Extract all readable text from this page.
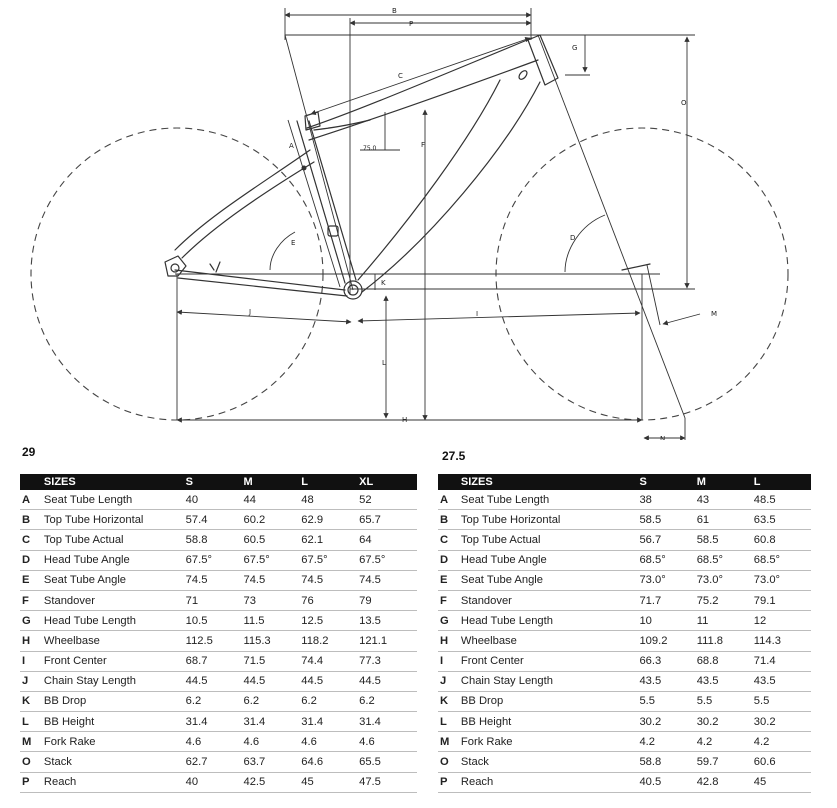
B
P
G
C
O
A	75.0	F
D
E
K
J	I	M
L
H
N
29	27.5
	SIZES	S	M	L	XL
A	Seat Tube Length	40	44	48	52
B	Top Tube Horizontal	57.4	60.2	62.9	65.7
C	Top Tube Actual	58.8	60.5	62.1	64
D	Head Tube Angle	67.5°	67.5°	67.5°	67.5°
E	Seat Tube Angle	74.5	74.5	74.5	74.5
F	Standover	71	73	76	79
G	Head Tube Length	10.5	11.5	12.5	13.5
H	Wheelbase	112.5	115.3	118.2	121.1
I	Front Center	68.7	71.5	74.4	77.3
J	Chain Stay Length	44.5	44.5	44.5	44.5
K	BB Drop	6.2	6.2	6.2	6.2
L	BB Height	31.4	31.4	31.4	31.4
M	Fork Rake	4.6	4.6	4.6	4.6
O	Stack	62.7	63.7	64.6	65.5
P	Reach	40	42.5	45	47.5
	SIZES	S	M	L
A	Seat Tube Length	38	43	48.5
B	Top Tube Horizontal	58.5	61	63.5
C	Top Tube Actual	56.7	58.5	60.8
D	Head Tube Angle	68.5°	68.5°	68.5°
E	Seat Tube Angle	73.0°	73.0°	73.0°
F	Standover	71.7	75.2	79.1
G	Head Tube Length	10	11	12
H	Wheelbase	109.2	111.8	114.3
I	Front Center	66.3	68.8	71.4
J	Chain Stay Length	43.5	43.5	43.5
K	BB Drop	5.5	5.5	5.5
L	BB Height	30.2	30.2	30.2
M	Fork Rake	4.2	4.2	4.2
O	Stack	58.8	59.7	60.6
P	Reach	40.5	42.8	45
